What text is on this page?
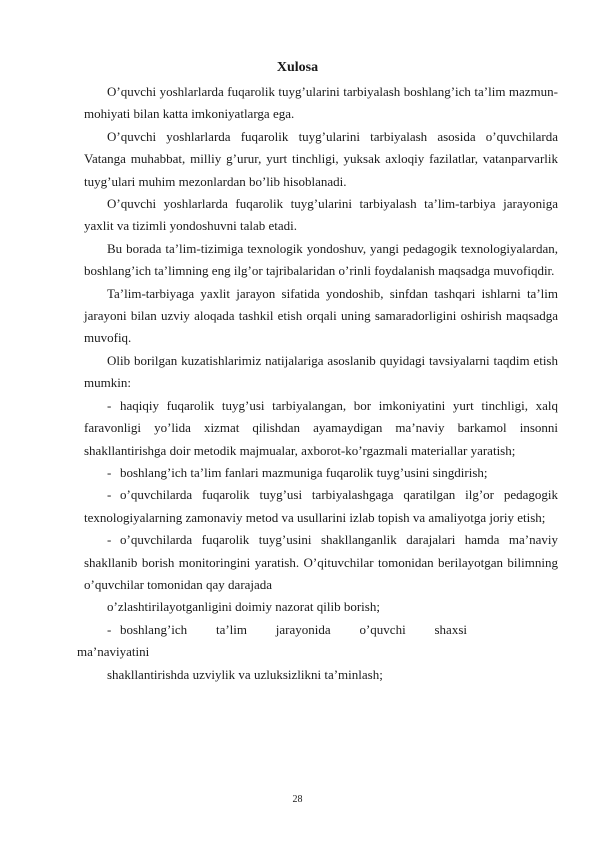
Xulosa

O’quvchi yoshlarlarda fuqarolik tuyg’ularini tarbiyalash boshlang’ich ta’lim mazmun-mohiyati bilan katta imkoniyatlarga ega.

O’quvchi yoshlarlarda fuqarolik tuyg’ularini tarbiyalash asosida o’quvchilarda Vatanga muhabbat, milliy g’urur, yurt tinchligi, yuksak axloqiy fazilatlar, vatanparvarlik tuyg’ulari muhim mezonlardan bo’lib hisoblanadi.

O’quvchi yoshlarlarda fuqarolik tuyg’ularini tarbiyalash ta’lim-tarbiya jarayoniga yaxlit va tizimli yondoshuvni talab etadi.

Bu borada ta’lim-tizimiga texnologik yondoshuv, yangi pedagogik texnologiyalardan, boshlang’ich ta’limning eng ilg’or tajribalaridan o’rinli foydalanish maqsadga muvofiqdir.

Ta’lim-tarbiyaga yaxlit jarayon sifatida yondoshib, sinfdan tashqari ishlarni ta’lim jarayoni bilan uzviy aloqada tashkil etish orqali uning samaradorligini oshirish maqsadga muvofiq.

Olib borilgan kuzatishlarimiz natijalariga asoslanib quyidagi tavsiyalarni taqdim etish mumkin:

- haqiqiy fuqarolik tuyg’usi tarbiyalangan, bor imkoniyatini yurt tinchligi, xalq faravonligi yo’lida xizmat qilishdan ayamaydigan ma’naviy barkamol insonni shakllantirishga doir metodik majmualar, axborot-ko’rgazmali materiallar yaratish;

- boshlang’ich ta’lim fanlari mazmuniga fuqarolik tuyg’usini singdirish;

- o’quvchilarda fuqarolik tuyg’usi tarbiyalashgaga qaratilgan ilg’or pedagogik texnologiyalarning zamonaviy metod va usullarini izlab topish va amaliyotga joriy etish;

- o’quvchilarda fuqarolik tuyg’usini shakllanganlik darajalari hamda ma’naviy shakllanib borish monitoringini yaratish. O’qituvchilar tomonidan berilayotgan bilimning o’quvchilar tomonidan qay darajada

o’zlashtirilayotganligini doimiy nazorat qilib borish;

- boshlang’ich ta’lim jarayonida o’quvchi shaxsi
ma’naviyatini

shakllantirishda uzviylik va uzluksizlikni ta’minlash;

28
